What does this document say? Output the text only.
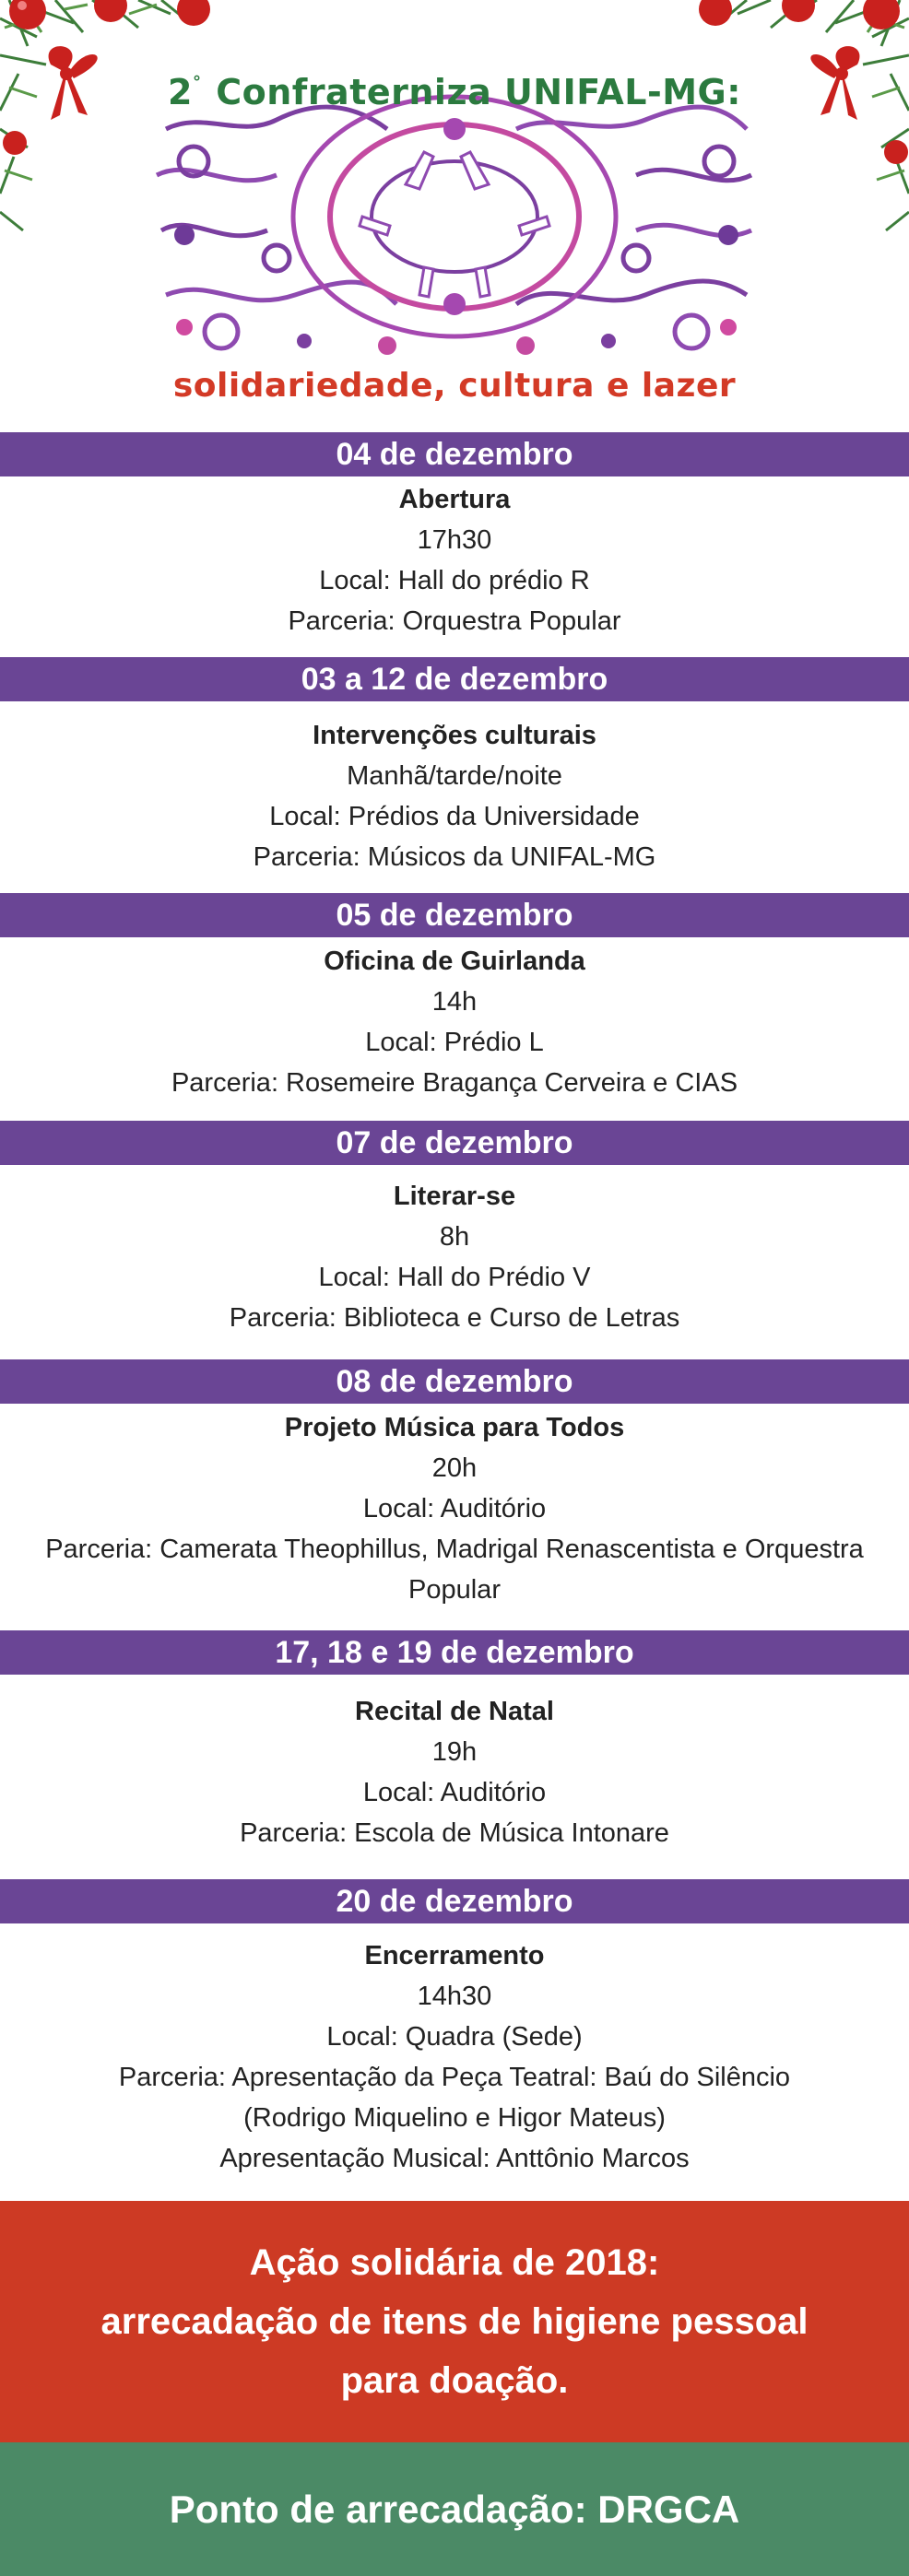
2° Confraterniza UNIFAL-MG:
solidariedade, cultura e lazer
04 de dezembro
Abertura
17h30
Local: Hall do prédio R
Parceria: Orquestra Popular
03 a 12 de dezembro
Intervenções culturais
Manhã/tarde/noite
Local: Prédios da Universidade
Parceria: Músicos da UNIFAL-MG
05 de dezembro
Oficina de Guirlanda
14h
Local: Prédio L
Parceria: Rosemeire Bragança Cerveira e CIAS
07 de dezembro
Literar-se
8h
Local: Hall do Prédio V
Parceria: Biblioteca e Curso de Letras
08 de dezembro
Projeto Música para Todos
20h
Local: Auditório
Parceria: Camerata Theophillus, Madrigal Renascentista e Orquestra
Popular
17, 18 e 19 de dezembro
Recital de Natal
19h
Local: Auditório
Parceria: Escola de Música Intonare
20 de dezembro
Encerramento
14h30
Local: Quadra (Sede)
Parceria: Apresentação da Peça Teatral: Baú do Silêncio
(Rodrigo Miquelino e Higor Mateus)
Apresentação Musical: Anttônio Marcos
Ação solidária de 2018:
arrecadação de itens de higiene pessoal
para doação.
Ponto de arrecadação: DRGCA
